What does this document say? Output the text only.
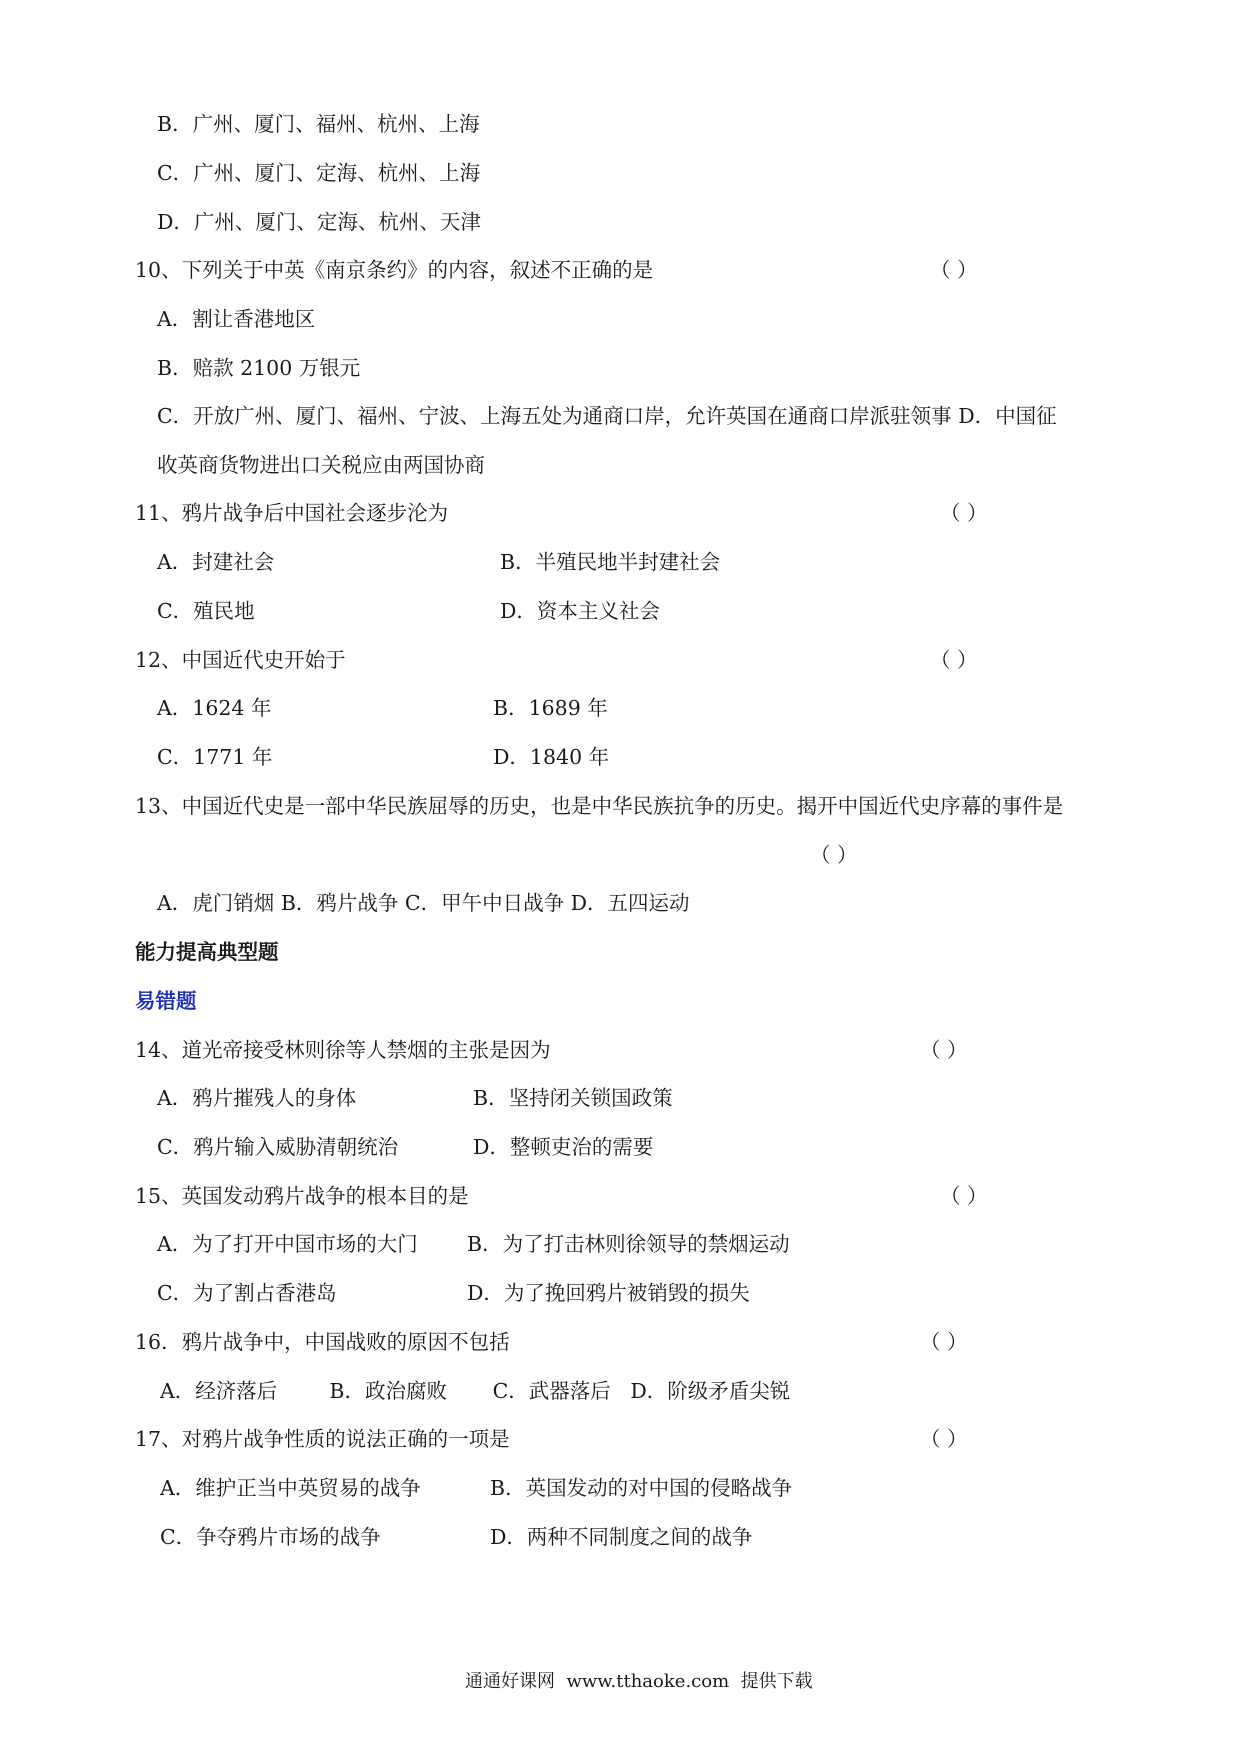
B．广州、厦门、福州、杭州、上海
C．广州、厦门、定海、杭州、上海
D．广州、厦门、定海、杭州、天津
10、下列关于中英《南京条约》的内容，叙述不正确的是	（ ）
A．割让香港地区
B．赔款 2100 万银元
C．开放广州、厦门、福州、宁波、上海五处为通商口岸，允许英国在通商口岸派驻领事 D．中国征
收英商货物进出口关税应由两国协商
11、鸦片战争后中国社会逐步沦为	（ ）
A．封建社会	B．半殖民地半封建社会
C．殖民地	D．资本主义社会
12、中国近代史开始于	（ ）
A．1624 年	B．1689 年
C．1771 年	D．1840 年
13、中国近代史是一部中华民族屈辱的历史，也是中华民族抗争的历史。揭开中国近代史序幕的事件是
（ ）
A．虎门销烟 B．鸦片战争 C．甲午中日战争 D．五四运动
能力提高典型题
易错题
14、道光帝接受林则徐等人禁烟的主张是因为	（ ）
A．鸦片摧残人的身体	B．坚持闭关锁国政策
C．鸦片输入威胁清朝统治	D．整顿吏治的需要
15、英国发动鸦片战争的根本目的是	（ ）
A．为了打开中国市场的大门 B．为了打击林则徐领导的禁烟运动
C．为了割占香港岛	D．为了挽回鸦片被销毁的损失
16．鸦片战争中，中国战败的原因不包括	（ ）
A．经济落后        B．政治腐败       C．武器落后   D．阶级矛盾尖锐
17、对鸦片战争性质的说法正确的一项是	（ ）
A．维护正当中英贸易的战争	B．英国发动的对中国的侵略战争
C．争夺鸦片市场的战争	D．两种不同制度之间的战争
通通好课网  www.tthaoke.com  提供下载
